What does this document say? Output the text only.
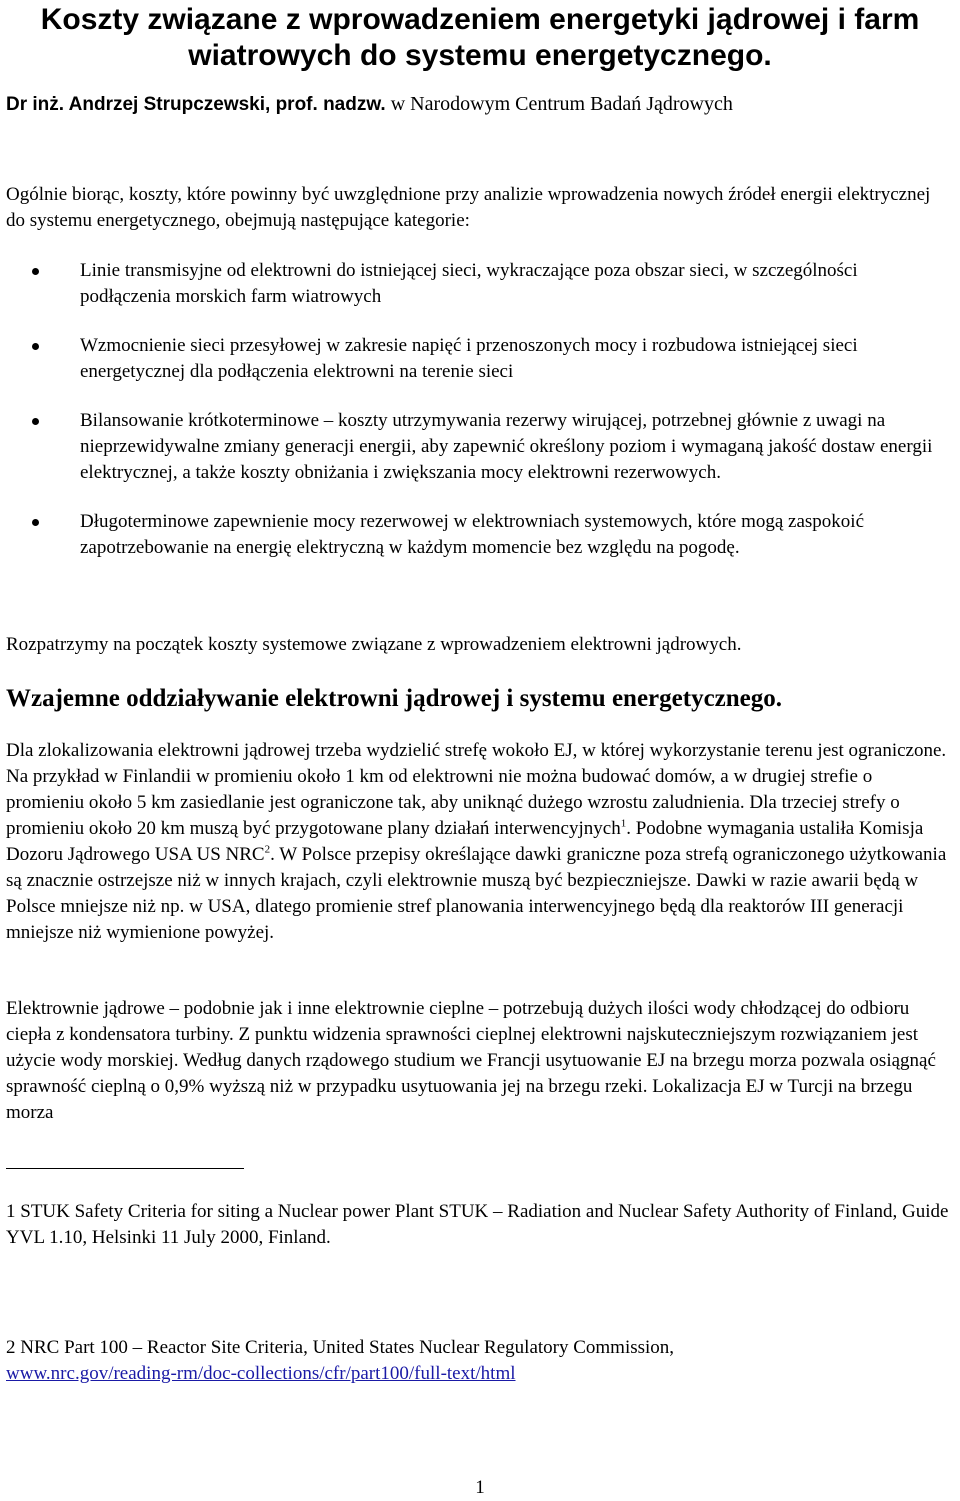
Koszty związane z wprowadzeniem energetyki jądrowej i farm wiatrowych do systemu energetycznego.
Dr inż. Andrzej Strupczewski, prof. nadzw. w Narodowym Centrum Badań Jądrowych

Ogólnie biorąc, koszty, które powinny być uwzględnione przy analizie wprowadzenia nowych źródeł energii elektrycznej do systemu energetycznego, obejmują następujące kategorie:

Linie transmisyjne od elektrowni do istniejącej sieci, wykraczające poza obszar sieci, w szczególności podłączenia morskich farm wiatrowych
Wzmocnienie sieci przesyłowej w zakresie napięć i przenoszonych mocy i rozbudowa istniejącej sieci energetycznej dla podłączenia elektrowni na terenie sieci
Bilansowanie krótkoterminowe – koszty utrzymywania rezerwy wirującej, potrzebnej głównie z uwagi na nieprzewidywalne zmiany generacji energii, aby zapewnić określony poziom i wymaganą jakość dostaw energii elektrycznej, a także koszty obniżania i zwiększania mocy elektrowni rezerwowych.
Długoterminowe zapewnienie mocy rezerwowej w elektrowniach systemowych, które mogą zaspokoić zapotrzebowanie na energię elektryczną w każdym momencie bez względu na pogodę.

Rozpatrzymy na początek koszty systemowe związane z wprowadzeniem elektrowni jądrowych.

Wzajemne oddziaływanie elektrowni jądrowej i systemu energetycznego.

Dla zlokalizowania elektrowni jądrowej trzeba wydzielić strefę wokoło EJ, w której wykorzystanie terenu jest ograniczone. Na przykład w Finlandii w promieniu około 1 km od elektrowni nie można budować domów, a w drugiej strefie o promieniu około 5 km zasiedlanie jest ograniczone tak, aby uniknąć dużego wzrostu zaludnienia. Dla trzeciej strefy o promieniu około 20 km muszą być przygotowane plany działań interwencyjnych$^1$. Podobne wymagania ustaliła Komisja Dozoru Jądrowego USA US NRC$^2$. W Polsce przepisy określające dawki graniczne poza strefą ograniczonego użytkowania są znacznie ostrzejsze niż w innych krajach, czyli elektrownie muszą być bezpieczniejsze. Dawki w razie awarii będą w Polsce mniejsze niż np. w USA, dlatego promienie stref planowania interwencyjnego będą dla reaktorów III generacji mniejsze niż wymienione powyżej.

Elektrownie jądrowe – podobnie jak i inne elektrownie cieplne – potrzebują dużych ilości wody chłodzącej do odbioru ciepła z kondensatora turbiny. Z punktu widzenia sprawności cieplnej elektrowni najskuteczniejszym rozwiązaniem jest użycie wody morskiej. Według danych rządowego studium we Francji usytuowanie EJ na brzegu morza pozwala osiągnąć sprawność cieplną o 0,9% wyższą niż w przypadku usytuowania jej na brzegu rzeki. Lokalizacja EJ w Turcji na brzegu morza

1 STUK Safety Criteria for siting a Nuclear power Plant STUK – Radiation and Nuclear Safety Authority of Finland, Guide YVL 1.10, Helsinki 11 July 2000, Finland.

2 NRC Part 100 – Reactor Site Criteria, United States Nuclear Regulatory Commission,
www.nrc.gov/reading-rm/doc-collections/cfr/part100/full-text/html

1
